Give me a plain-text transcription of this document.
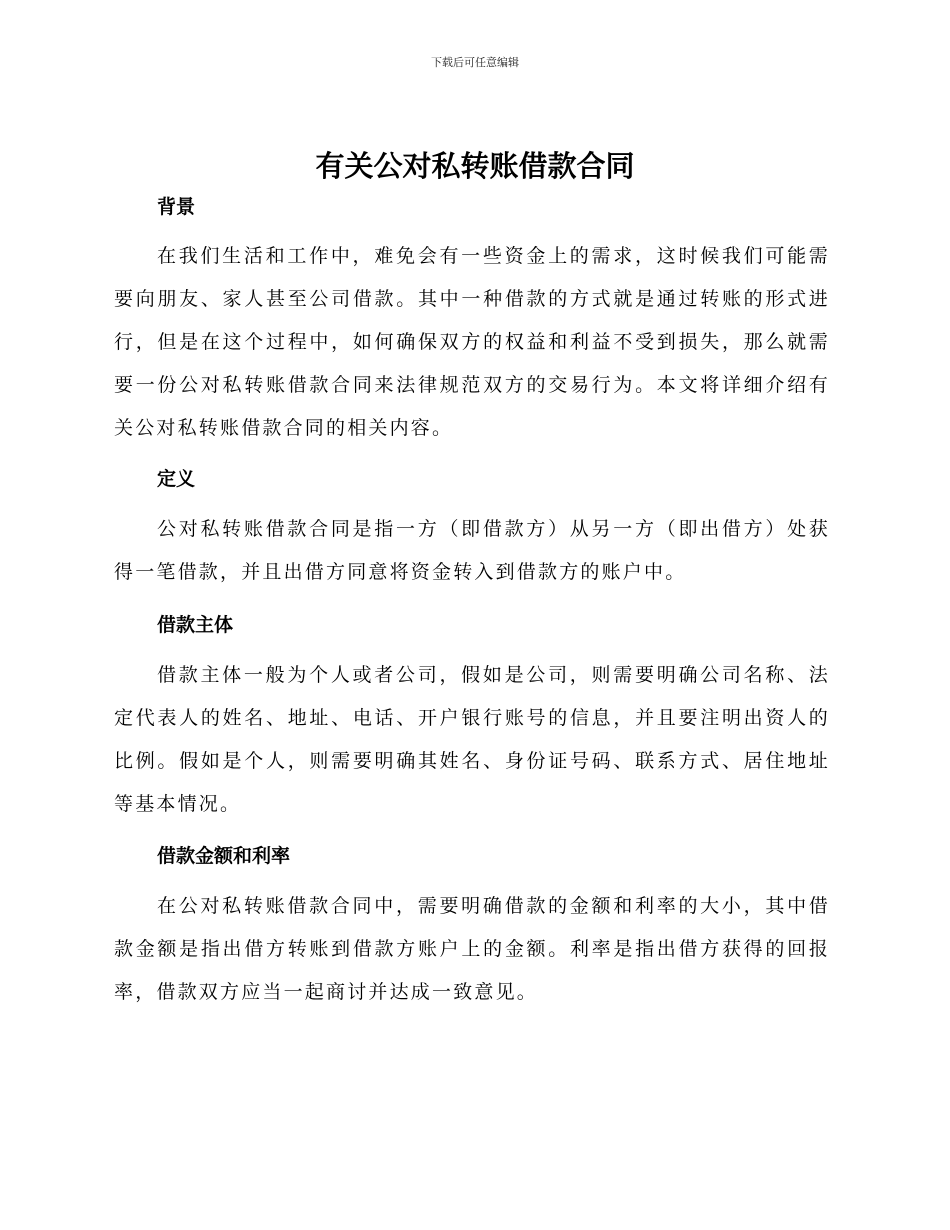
下载后可任意编辑
有关公对私转账借款合同
背景

在我们生活和工作中，难免会有一些资金上的需求，这时候我们可能需要向朋友、家人甚至公司借款。其中一种借款的方式就是通过转账的形式进行，但是在这个过程中，如何确保双方的权益和利益不受到损失，那么就需要一份公对私转账借款合同来法律规范双方的交易行为。本文将详细介绍有关公对私转账借款合同的相关内容。

定义

公对私转账借款合同是指一方（即借款方）从另一方（即出借方）处获得一笔借款，并且出借方同意将资金转入到借款方的账户中。

借款主体

借款主体一般为个人或者公司，假如是公司，则需要明确公司名称、法定代表人的姓名、地址、电话、开户银行账号的信息，并且要注明出资人的比例。假如是个人，则需要明确其姓名、身份证号码、联系方式、居住地址等基本情况。

借款金额和利率

在公对私转账借款合同中，需要明确借款的金额和利率的大小，其中借款金额是指出借方转账到借款方账户上的金额。利率是指出借方获得的回报率，借款双方应当一起商讨并达成一致意见。
